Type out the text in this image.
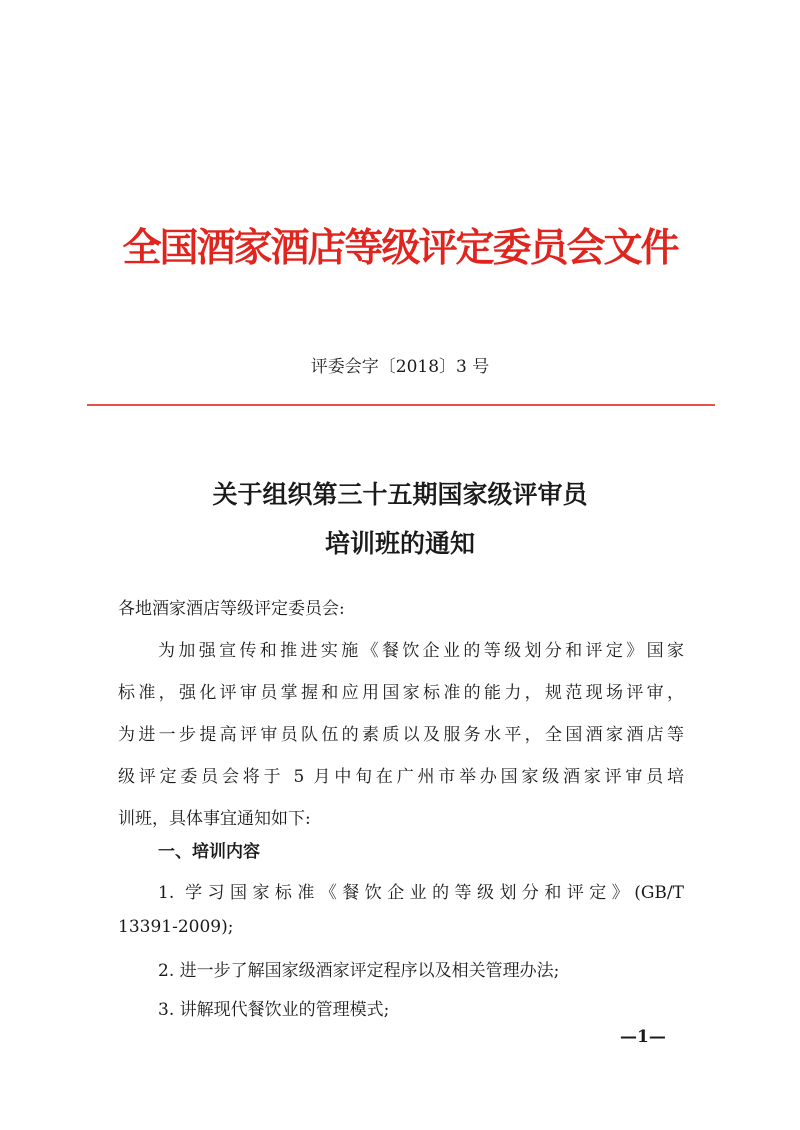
全国酒家酒店等级评定委员会文件
评委会字〔2018〕3 号
关于组织第三十五期国家级评审员
培训班的通知
各地酒家酒店等级评定委员会:
为加强宣传和推进实施《餐饮企业的等级划分和评定》国家
标准，强化评审员掌握和应用国家标准的能力，规范现场评审，
为进一步提高评审员队伍的素质以及服务水平，全国酒家酒店等
级评定委员会将于 5 月中旬在广州市举办国家级酒家评审员培
训班，具体事宜通知如下:
一、培训内容
1. 学习国家标准《餐饮企业的等级划分和评定》(GB/T
13391-2009);
2. 进一步了解国家级酒家评定程序以及相关管理办法;
3. 讲解现代餐饮业的管理模式;
—1—
